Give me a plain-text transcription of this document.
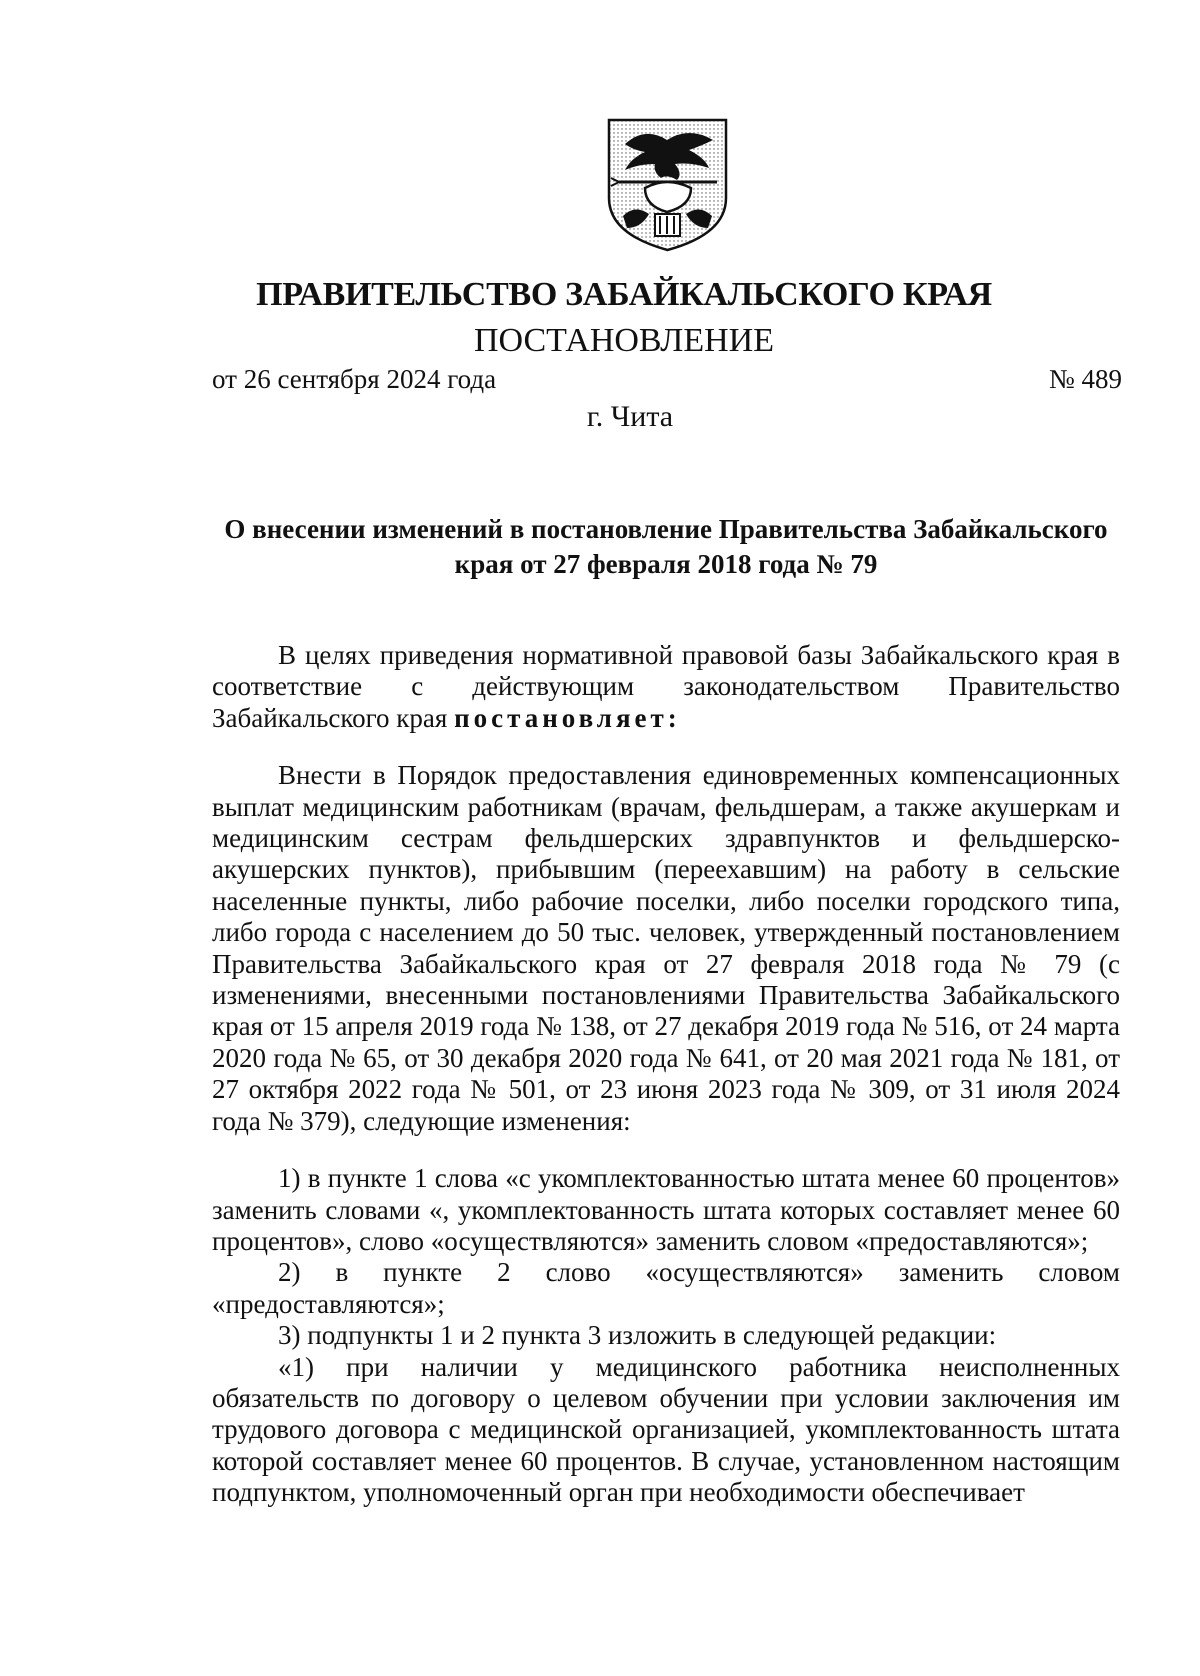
ПРАВИТЕЛЬСТВО ЗАБАЙКАЛЬСКОГО КРАЯ
ПОСТАНОВЛЕНИЕ
от 26 сентября 2024 года	№ 489
г. Чита
О внесении изменений в постановление Правительства Забайкальского
края от 27 февраля 2018 года № 79

В целях приведения нормативной правовой базы Забайкальского края в соответствие с действующим законодательством Правительство Забайкальского края постановляет:

Внести в Порядок предоставления единовременных компенсационных выплат медицинским работникам (врачам, фельдшерам, а также акушеркам и медицинским сестрам фельдшерских здравпунктов и фельдшерско-акушерских пунктов), прибывшим (переехавшим) на работу в сельские населенные пункты, либо рабочие поселки, либо поселки городского типа, либо города с населением до 50 тыс. человек, утвержденный постановлением Правительства Забайкальского края от 27 февраля 2018 года № 79 (с изменениями, внесенными постановлениями Правительства Забайкальского края от 15 апреля 2019 года № 138, от 27 декабря 2019 года № 516, от 24 марта 2020 года № 65, от 30 декабря 2020 года № 641, от 20 мая 2021 года № 181, от 27 октября 2022 года № 501, от 23 июня 2023 года № 309, от 31 июля 2024 года № 379), следующие изменения:

1) в пункте 1 слова «с укомплектованностью штата менее 60 процентов» заменить словами «, укомплектованность штата которых составляет менее 60 процентов», слово «осуществляются» заменить словом «предоставляются»;

2) в пункте 2 слово «осуществляются» заменить словом «предоставляются»;

3) подпункты 1 и 2 пункта 3 изложить в следующей редакции:

«1) при наличии у медицинского работника неисполненных обязательств по договору о целевом обучении при условии заключения им трудового договора с медицинской организацией, укомплектованность штата которой составляет менее 60 процентов. В случае, установленном настоящим подпунктом, уполномоченный орган при необходимости обеспечивает
